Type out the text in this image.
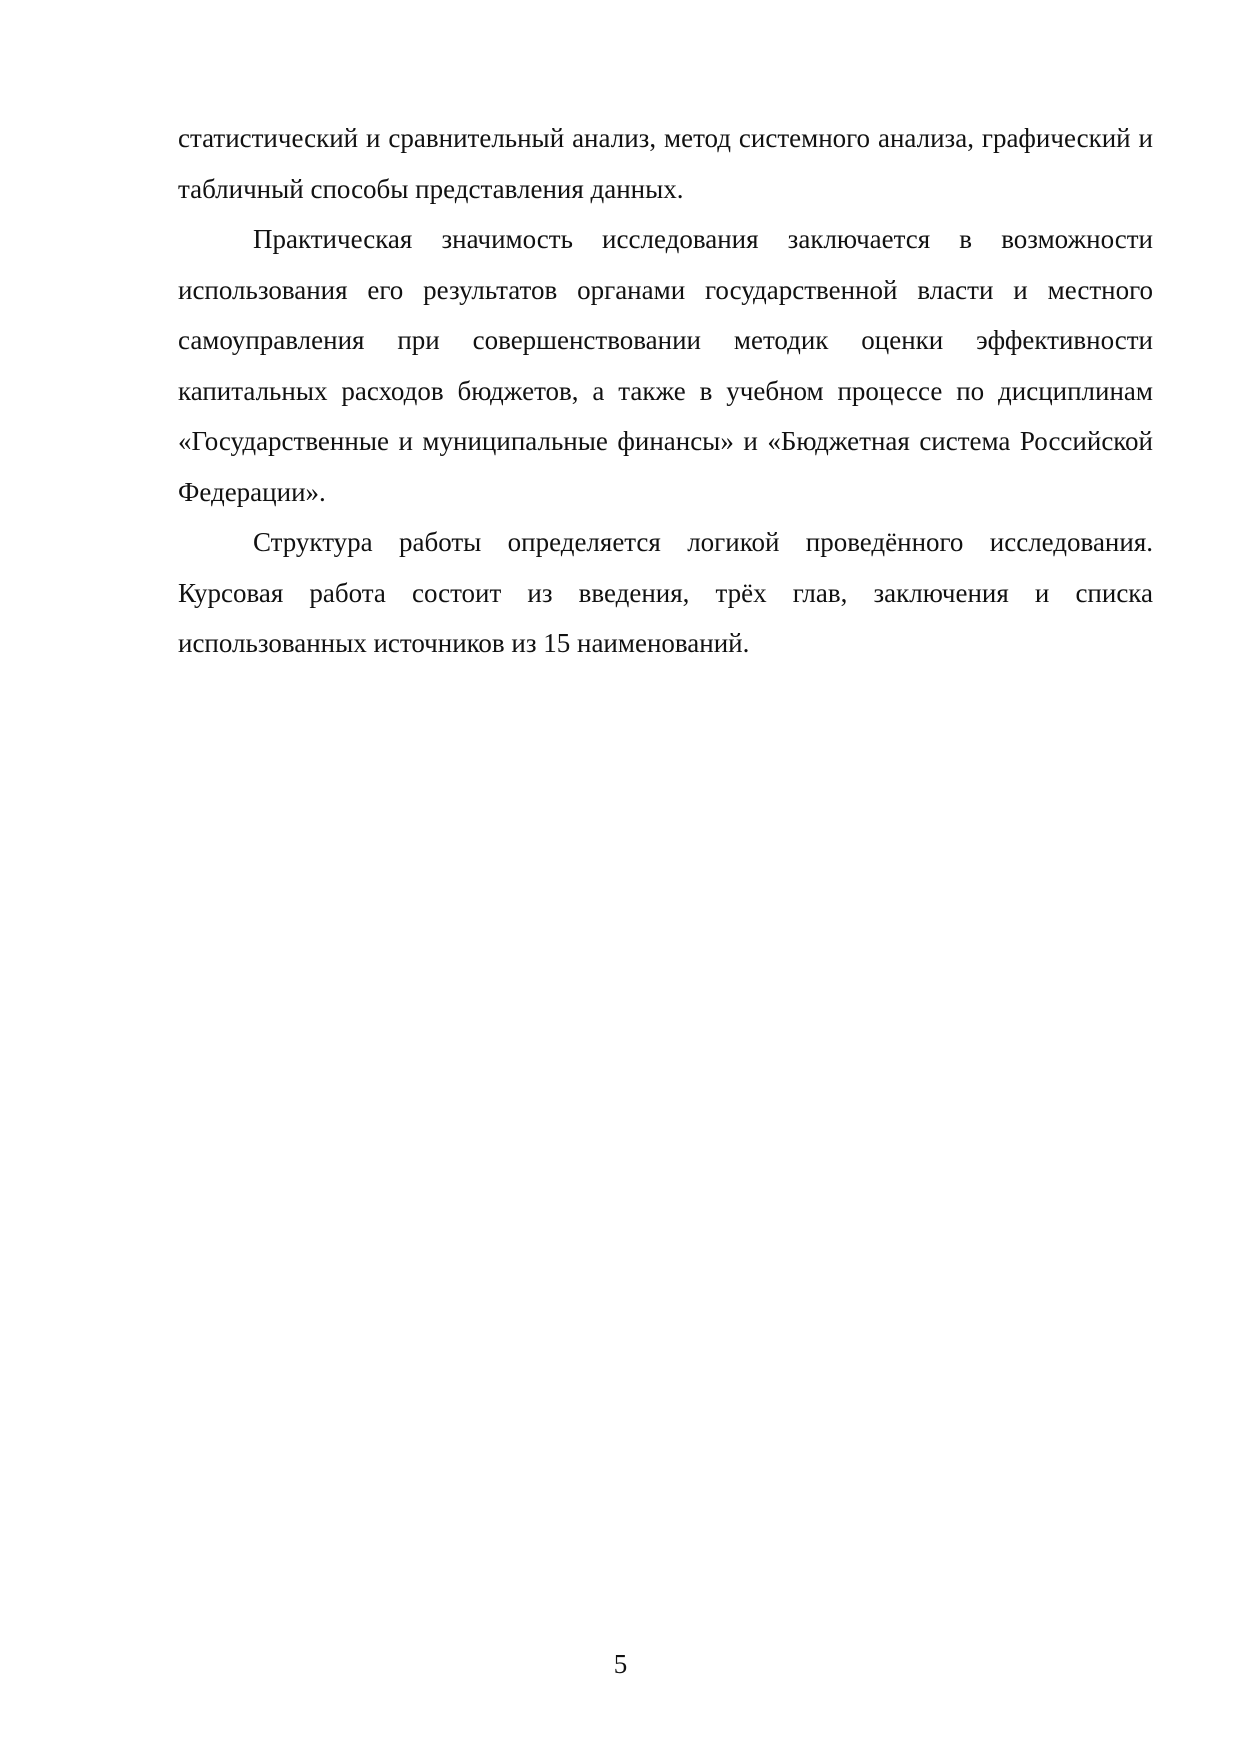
статистический и сравнительный анализ, метод системного анализа, графический и табличный способы представления данных.

Практическая значимость исследования заключается в возможности использования его результатов органами государственной власти и местного самоуправления при совершенствовании методик оценки эффективности капитальных расходов бюджетов, а также в учебном процессе по дисциплинам «Государственные и муниципальные финансы» и «Бюджетная система Российской Федерации».

Структура работы определяется логикой проведённого исследования. Курсовая работа состоит из введения, трёх глав, заключения и списка использованных источников из 15 наименований.

5
